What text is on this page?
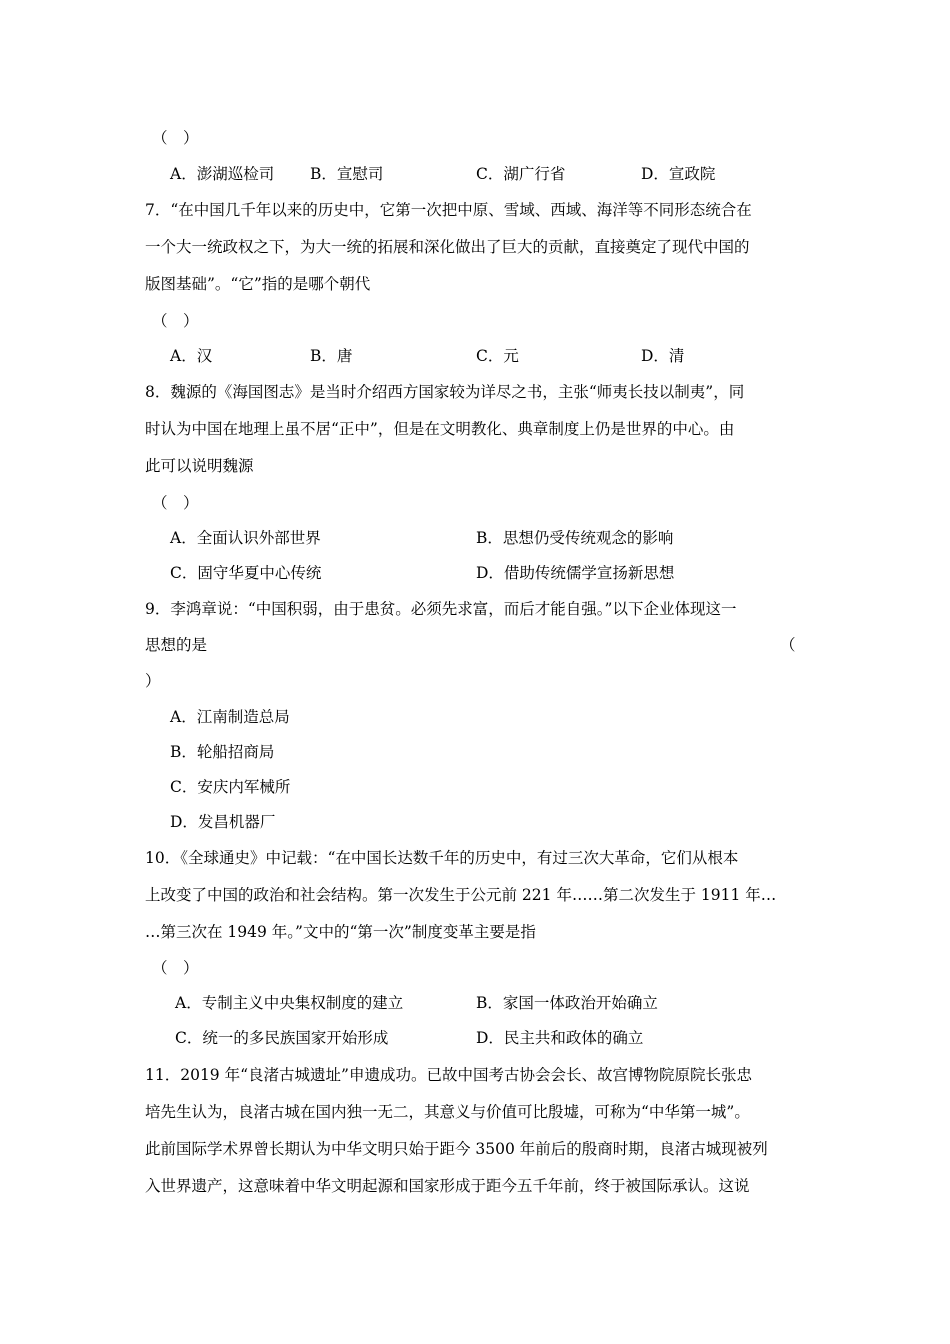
（　）
A．澎湖巡检司 B．宣慰司	C．湖广行省	D．宣政院
7．“在中国几千年以来的历史中，它第一次把中原、雪域、西域、海洋等不同形态统合在
一个大一统政权之下，为大一统的拓展和深化做出了巨大的贡献，直接奠定了现代中国的
版图基础”。“它”指的是哪个朝代
（　）
A．汉	B．唐	C．元	D．清
8．魏源的《海国图志》是当时介绍西方国家较为详尽之书，主张“师夷长技以制夷”，同
时认为中国在地理上虽不居“正中”，但是在文明教化、典章制度上仍是世界的中心。由
此可以说明魏源
（　）
A．全面认识外部世界	B．思想仍受传统观念的影响
C．固守华夏中心传统	D．借助传统儒学宣扬新思想
9．李鸿章说：“中国积弱，由于患贫。必须先求富，而后才能自强。”以下企业体现这一
思想的是	（
）
A．江南制造总局
B．轮船招商局
C．安庆内军械所
D．发昌机器厂
10．《全球通史》中记载：“在中国长达数千年的历史中，有过三次大革命，它们从根本
上改变了中国的政治和社会结构。第一次发生于公元前 221 年……第二次发生于 1911 年…
…第三次在 1949 年。”文中的“第一次”制度变革主要是指
（　）
A．专制主义中央集权制度的建立	B．家国一体政治开始确立
C．统一的多民族国家开始形成	D．民主共和政体的确立
11．2019 年“良渚古城遗址”申遗成功。已故中国考古协会会长、故宫博物院原院长张忠
培先生认为，良渚古城在国内独一无二，其意义与价值可比殷墟，可称为“中华第一城”。
此前国际学术界曾长期认为中华文明只始于距今 3500 年前后的殷商时期，良渚古城现被列
入世界遗产，这意味着中华文明起源和国家形成于距今五千年前，终于被国际承认。这说
